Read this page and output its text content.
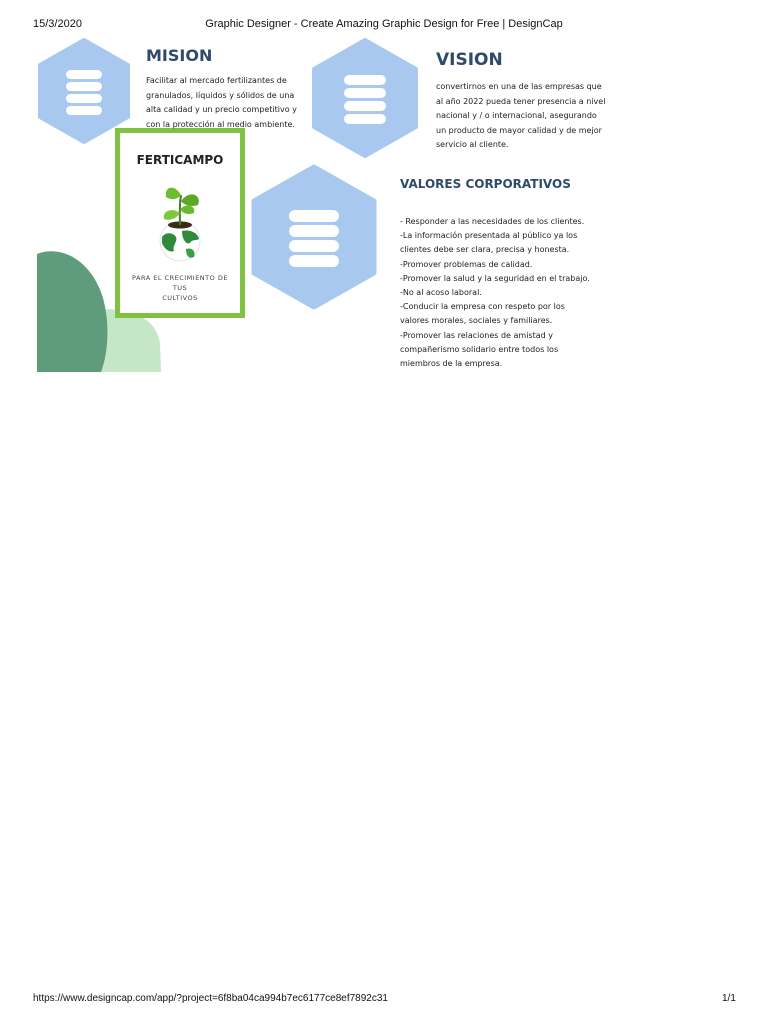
15/3/2020	Graphic Designer - Create Amazing Graphic Design for Free | DesignCap
FERTICAMPO
PARA EL CRECIMIENTO DE TUS
CULTIVOS
MISION
Facilitar al mercado fertilizantes de
granulados, líquidos y sólidos de una
alta calidad y un precio competitivo y
con la protección al medio ambiente.
VISION
convertirnos en una de las empresas que
al año 2022 pueda tener presencia a nivel
nacional y / o internacional, asegurando
un producto de mayor calidad y de mejor
servicio al cliente.
VALORES CORPORATIVOS
- Responder a las necesidades de los clientes.
-La información presentada al público ya los
clientes debe ser clara, precisa y honesta.
-Promover problemas de calidad.
-Promover la salud y la seguridad en el trabajo.
-No al acoso laboral.
-Conducir la empresa con respeto por los
valores morales, sociales y familiares.
-Promover las relaciones de amistad y
compañerismo solidario entre todos los
miembros de la empresa.
https://www.designcap.com/app/?project=6f8ba04ca994b7ec6177ce8ef7892c31	1/1
